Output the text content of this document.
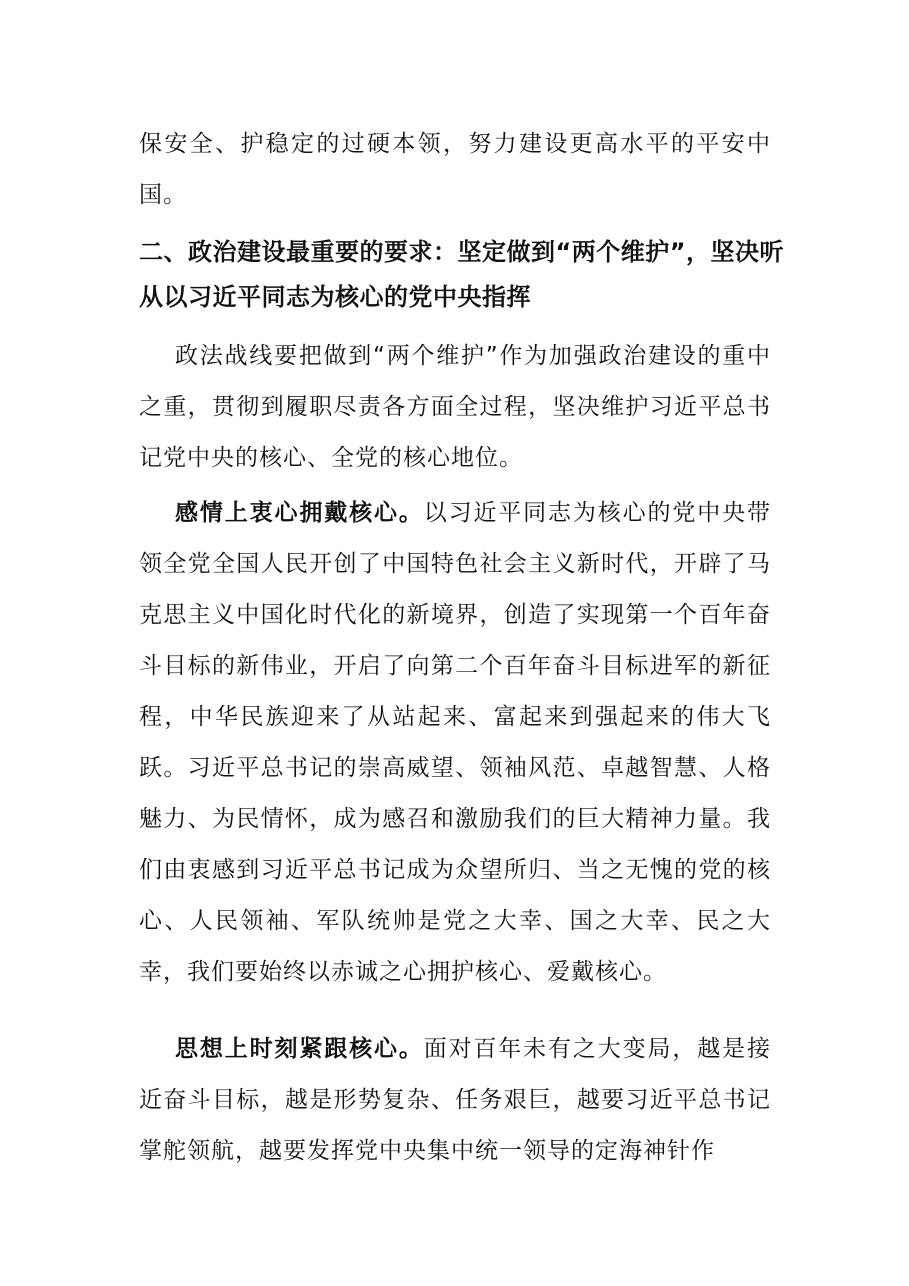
保安全、护稳定的过硬本领，努力建设更高水平的平安中国。
二、政治建设最重要的要求：坚定做到“两个维护”，坚决听从以习近平同志为核心的党中央指挥
政法战线要把做到“两个维护”作为加强政治建设的重中之重，贯彻到履职尽责各方面全过程，坚决维护习近平总书记党中央的核心、全党的核心地位。
感情上衷心拥戴核心。以习近平同志为核心的党中央带领全党全国人民开创了中国特色社会主义新时代，开辟了马克思主义中国化时代化的新境界，创造了实现第一个百年奋斗目标的新伟业，开启了向第二个百年奋斗目标进军的新征程，中华民族迎来了从站起来、富起来到强起来的伟大飞跃。习近平总书记的崇高威望、领袖风范、卓越智慧、人格魅力、为民情怀，成为感召和激励我们的巨大精神力量。我们由衷感到习近平总书记成为众望所归、当之无愧的党的核心、人民领袖、军队统帅是党之大幸、国之大幸、民之大幸，我们要始终以赤诚之心拥护核心、爱戴核心。
思想上时刻紧跟核心。面对百年未有之大变局，越是接近奋斗目标，越是形势复杂、任务艰巨，越要习近平总书记掌舵领航，越要发挥党中央集中统一领导的定海神针作
